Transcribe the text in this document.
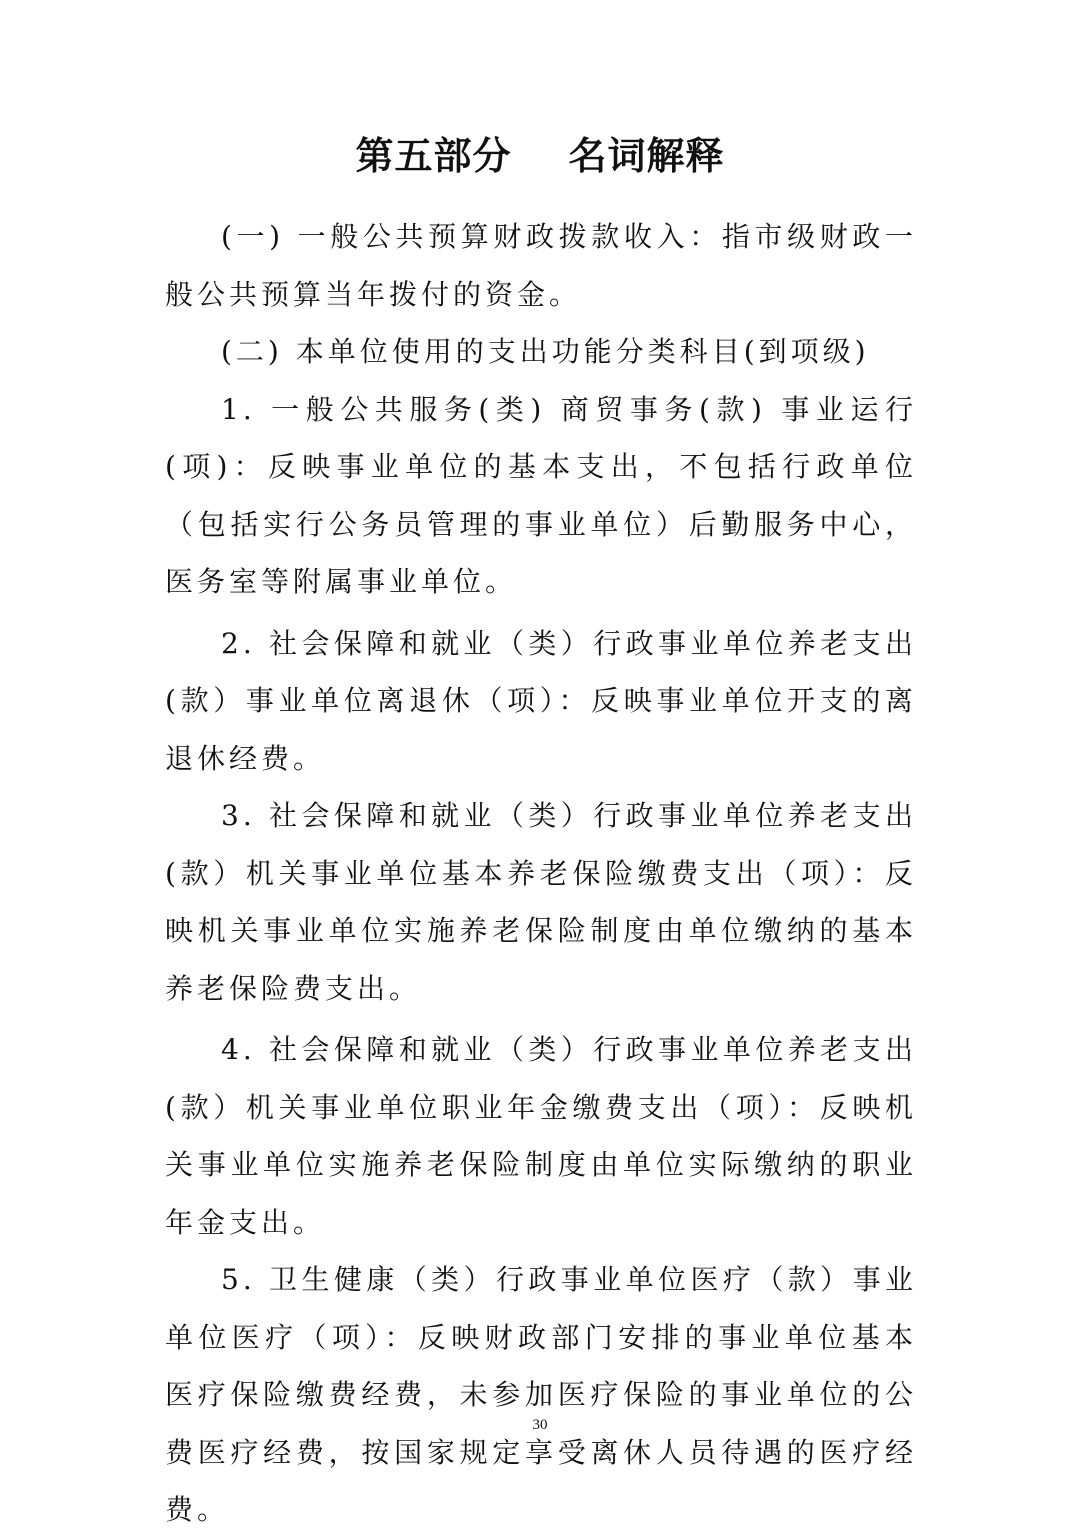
第五部分    名词解释

(一) 一般公共预算财政拨款收入：指市级财政一般公共预算当年拨付的资金。

(二) 本单位使用的支出功能分类科目(到项级)

1. 一般公共服务(类) 商贸事务(款) 事业运行(项)：反映事业单位的基本支出，不包括行政单位（包括实行公务员管理的事业单位）后勤服务中心，医务室等附属事业单位。

2. 社会保障和就业（类）行政事业单位养老支出(款）事业单位离退休（项）：反映事业单位开支的离退休经费。

3. 社会保障和就业（类）行政事业单位养老支出(款）机关事业单位基本养老保险缴费支出（项）：反映机关事业单位实施养老保险制度由单位缴纳的基本养老保险费支出。

4. 社会保障和就业（类）行政事业单位养老支出(款）机关事业单位职业年金缴费支出（项）：反映机关事业单位实施养老保险制度由单位实际缴纳的职业年金支出。

5. 卫生健康（类）行政事业单位医疗（款）事业单位医疗（项）：反映财政部门安排的事业单位基本医疗保险缴费经费，未参加医疗保险的事业单位的公费医疗经费，按国家规定享受离休人员待遇的医疗经费。

30
